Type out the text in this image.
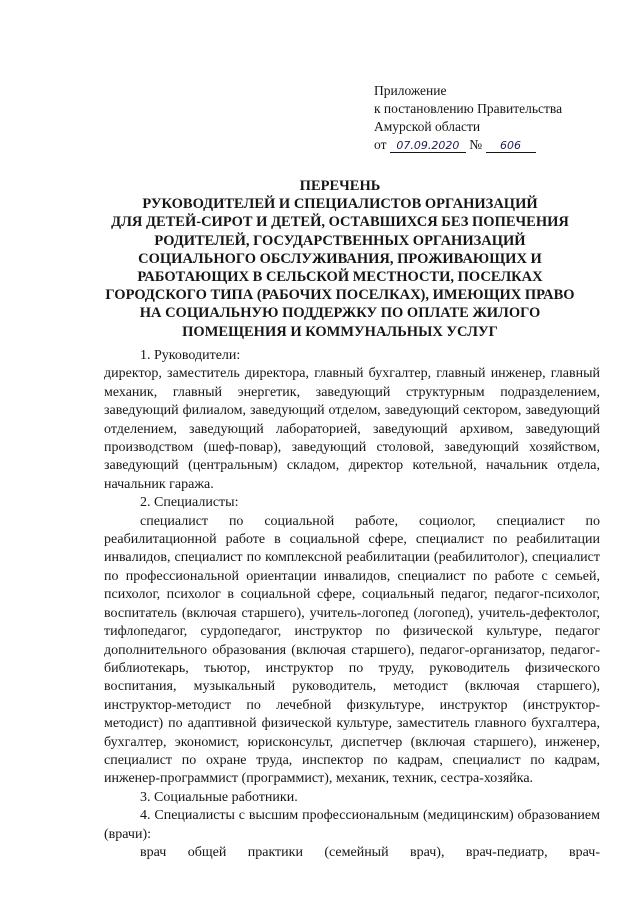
Приложение
к постановлению Правительства
Амурской области
от 07.09.2020 № 606
ПЕРЕЧЕНЬ
РУКОВОДИТЕЛЕЙ И СПЕЦИАЛИСТОВ ОРГАНИЗАЦИЙ
ДЛЯ ДЕТЕЙ-СИРОТ И ДЕТЕЙ, ОСТАВШИХСЯ БЕЗ ПОПЕЧЕНИЯ
РОДИТЕЛЕЙ, ГОСУДАРСТВЕННЫХ ОРГАНИЗАЦИЙ
СОЦИАЛЬНОГО ОБСЛУЖИВАНИЯ, ПРОЖИВАЮЩИХ И
РАБОТАЮЩИХ В СЕЛЬСКОЙ МЕСТНОСТИ, ПОСЕЛКАХ
ГОРОДСКОГО ТИПА (РАБОЧИХ ПОСЕЛКАХ), ИМЕЮЩИХ ПРАВО
НА СОЦИАЛЬНУЮ ПОДДЕРЖКУ ПО ОПЛАТЕ ЖИЛОГО
ПОМЕЩЕНИЯ И КОММУНАЛЬНЫХ УСЛУГ

1. Руководители:

директор, заместитель директора, главный бухгалтер, главный инженер, главный механик, главный энергетик, заведующий структурным подразделением, заведующий филиалом, заведующий отделом, заведующий сектором, заведующий отделением, заведующий лабораторией, заведующий архивом, заведующий производством (шеф-повар), заведующий столовой, заведующий хозяйством, заведующий (центральным) складом, директор котельной, начальник отдела, начальник гаража.

2. Специалисты:

специалист по социальной работе, социолог, специалист по реабилитационной работе в социальной сфере, специалист по реабилитации инвалидов, специалист по комплексной реабилитации (реабилитолог), специалист по профессиональной ориентации инвалидов, специалист по работе с семьей, психолог, психолог в социальной сфере, социальный педагог, педагог-психолог, воспитатель (включая старшего), учитель-логопед (логопед), учитель-дефектолог, тифлопедагог, сурдопедагог, инструктор по физической культуре, педагог дополнительного образования (включая старшего), педагог-организатор, педагог-библиотекарь, тьютор, инструктор по труду, руководитель физического воспитания, музыкальный руководитель, методист (включая старшего), инструктор-методист по лечебной физкультуре, инструктор (инструктор-методист) по адаптивной физической культуре, заместитель главного бухгалтера, бухгалтер, экономист, юрисконсульт, диспетчер (включая старшего), инженер, специалист по охране труда, инспектор по кадрам, специалист по кадрам, инженер-программист (программист), механик, техник, сестра-хозяйка.

3. Социальные работники.

4. Специалисты с высшим профессиональным (медицинским) образованием (врачи):

врач общей практики (семейный врач), врач-педиатр, врач-
